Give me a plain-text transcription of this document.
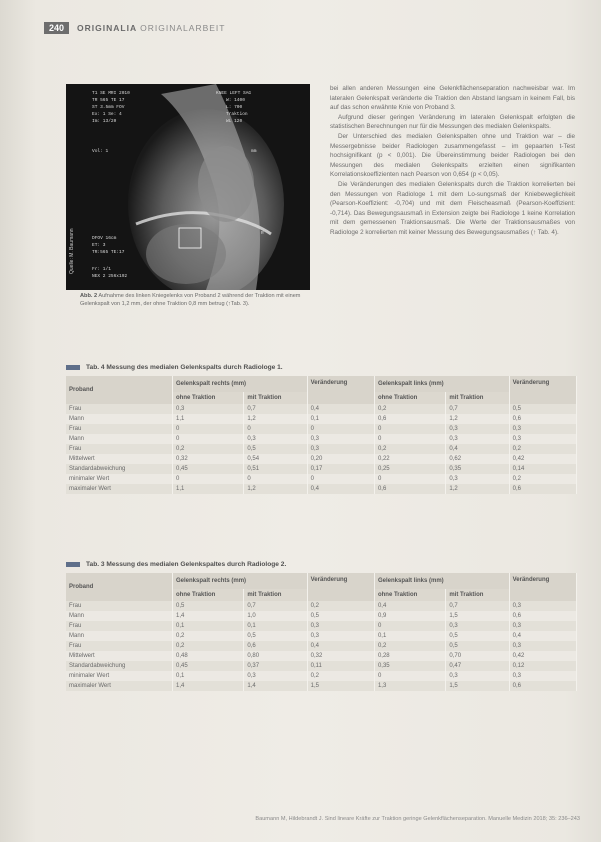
240	ORIGINALIA ORIGINALARBEIT
T1 SE MRI 2010
TR 565 TE 17
ST 3.5mm FOV
Ex: 1 Se: 4
Im: 13/20
KNEE LEFT SAG
W: 1400
L: 700
Traktion
WL 120
Vol: 1	mm
DFOV 16cm
ET: 3
TR:565 TE:17
Fr: 1/1
NEX 2 256x192
R
Quelle: M. Baumann
Abb. 2 Aufnahme des linken Kniegelenks von Proband 2 während der Traktion mit einem Gelenkspalt von 1,2 mm, der ohne Traktion 0,8 mm betrug (↑Tab. 3).

bei allen anderen Messungen eine Gelenkflächenseparation nachweisbar war. Im lateralen Gelenkspalt veränderte die Traktion den Abstand langsam in keinem Fall, bis auf das schon erwähnte Knie von Proband 3.

Aufgrund dieser geringen Veränderung im lateralen Gelenkspalt erfolgten die statistischen Berechnungen nur für die Messungen des medialen Gelenkspalts.

Der Unterschied des medialen Gelenkspalten ohne und Traktion war – die Messergebnisse beider Radiologen zusammengefasst – im gepaarten t-Test hochsignifikant (p < 0,001). Die Übereinstimmung beider Radiologen bei den Messungen des medialen Gelenkspalts erzielten einen signifikanten Korrelationskoeffizienten nach Pearson von 0,654 (p < 0,05).

Die Veränderungen des medialen Gelenkspalts durch die Traktion korrelierten bei den Messungen von Radiologe 1 mit dem Lo-sungsmaß der Kniebeweglichkeit (Pearson-Koeffizient: -0,704) und mit dem Fleischeasmaß (Pearson-Koeffizient: -0,714). Das Bewegungsausmaß in Extension zeigte bei Radiologe 1 keine Korrelation mit dem gemessenen Traktionsausmaß. Die Werte der Traktionsausmaßes von Radiologe 2 korrelierten mit keiner Messung des Bewegungsausmaßes (↑ Tab. 4).

Tab. 4 Messung des medialen Gelenkspalts durch Radiologe 1.
Proband	Gelenkspalt rechts (mm)		Veränderung	Gelenkspalt links (mm)		Veränderung
	ohne Traktion	mit Traktion		ohne Traktion	mit Traktion	
Frau	0,3	0,7	0,4	0,2	0,7	0,5
Mann	1,1	1,2	0,1	0,6	1,2	0,6
Frau	0	0	0	0	0,3	0,3
Mann	0	0,3	0,3	0	0,3	0,3
Frau	0,2	0,5	0,3	0,2	0,4	0,2
Mittelwert	0,32	0,54	0,20	0,22	0,62	0,42
Standardabweichung	0,45	0,51	0,17	0,25	0,35	0,14
minimaler Wert	0	0	0	0	0,3	0,2
maximaler Wert	1,1	1,2	0,4	0,6	1,2	0,6
Tab. 3 Messung des medialen Gelenkspaltes durch Radiologe 2.
Proband	Gelenkspalt rechts (mm)		Veränderung	Gelenkspalt links (mm)		Veränderung
	ohne Traktion	mit Traktion		ohne Traktion	mit Traktion	
Frau	0,5	0,7	0,2	0,4	0,7	0,3
Mann	1,4	1,0	0,5	0,9	1,5	0,6
Frau	0,1	0,1	0,3	0	0,3	0,3
Mann	0,2	0,5	0,3	0,1	0,5	0,4
Frau	0,2	0,6	0,4	0,2	0,5	0,3
Mittelwert	0,48	0,80	0,32	0,28	0,70	0,42
Standardabweichung	0,45	0,37	0,11	0,35	0,47	0,12
minimaler Wert	0,1	0,3	0,2	0	0,3	0,3
maximaler Wert	1,4	1,4	1,5	1,3	1,5	0,6
Baumann M, Hildebrandt J. Sind lineare Kräfte zur Traktion geringe Gelenkflächenseparation. Manuelle Medizin 2018; 35: 236–243
